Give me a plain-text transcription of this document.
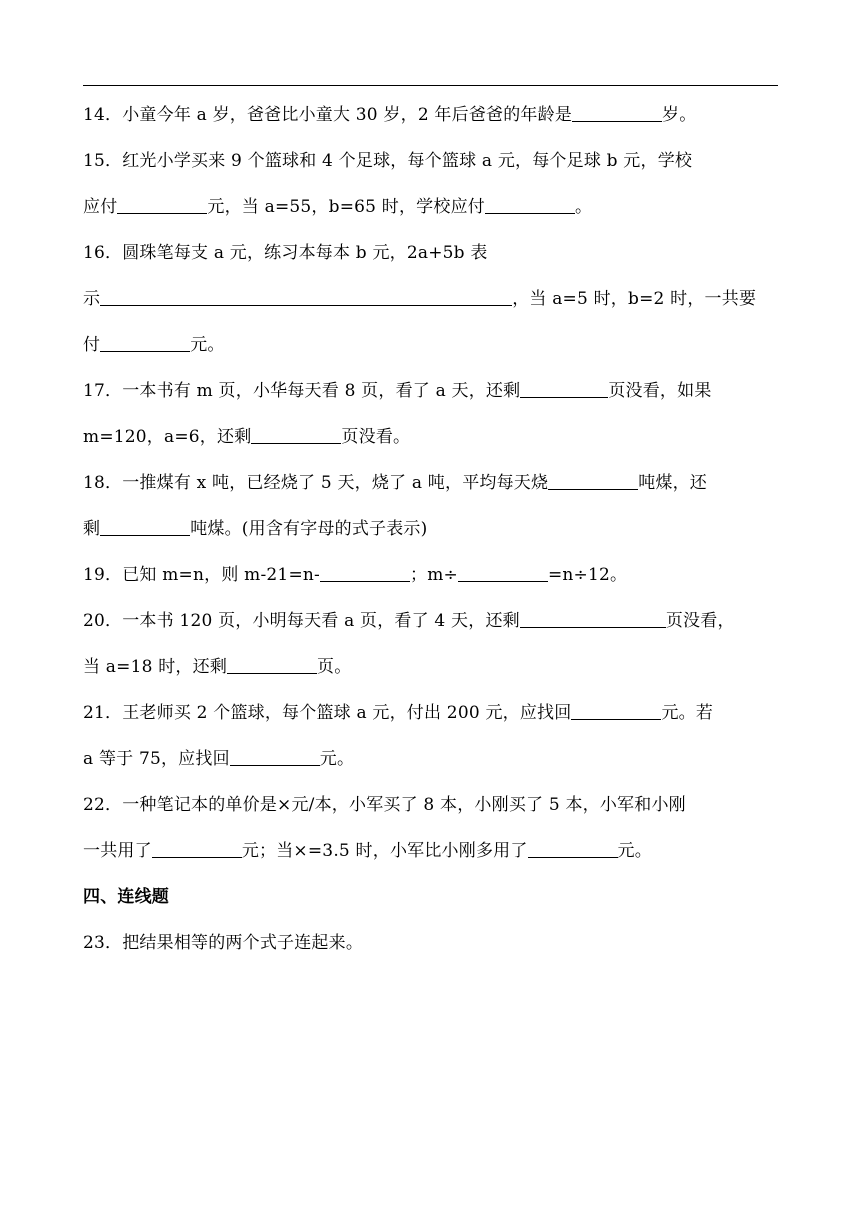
14．小童今年 a 岁，爸爸比小童大 30 岁，2 年后爸爸的年龄是	岁。
15．红光小学买来 9 个篮球和 4 个足球，每个篮球 a 元，每个足球 b 元，学校
应付	元，当 a=55，b=65 时，学校应付	。
16．圆珠笔每支 a 元，练习本每本 b 元，2a+5b 表
示	，当 a=5 时，b=2 时，一共要
付	元。
17．一本书有 m 页，小华每天看 8 页，看了 a 天，还剩	页没看，如果
m=120，a=6，还剩	页没看。
18．一推煤有 x 吨，已经烧了 5 天，烧了 a 吨，平均每天烧	吨煤，还
剩	吨煤。(用含有字母的式子表示)
19．已知 m=n，则 m-21=n-	；m÷	=n÷12。
20．一本书 120 页，小明每天看 a 页，看了 4 天，还剩	页没看，
当 a=18 时，还剩	页。
21．王老师买 2 个篮球，每个篮球 a 元，付出 200 元，应找回	元。若
a 等于 75，应找回	元。
22．一种笔记本的单价是×元/本，小军买了 8 本，小刚买了 5 本，小军和小刚
一共用了	元；当×=3.5 时，小军比小刚多用了	元。
四、连线题
23．把结果相等的两个式子连起来。
